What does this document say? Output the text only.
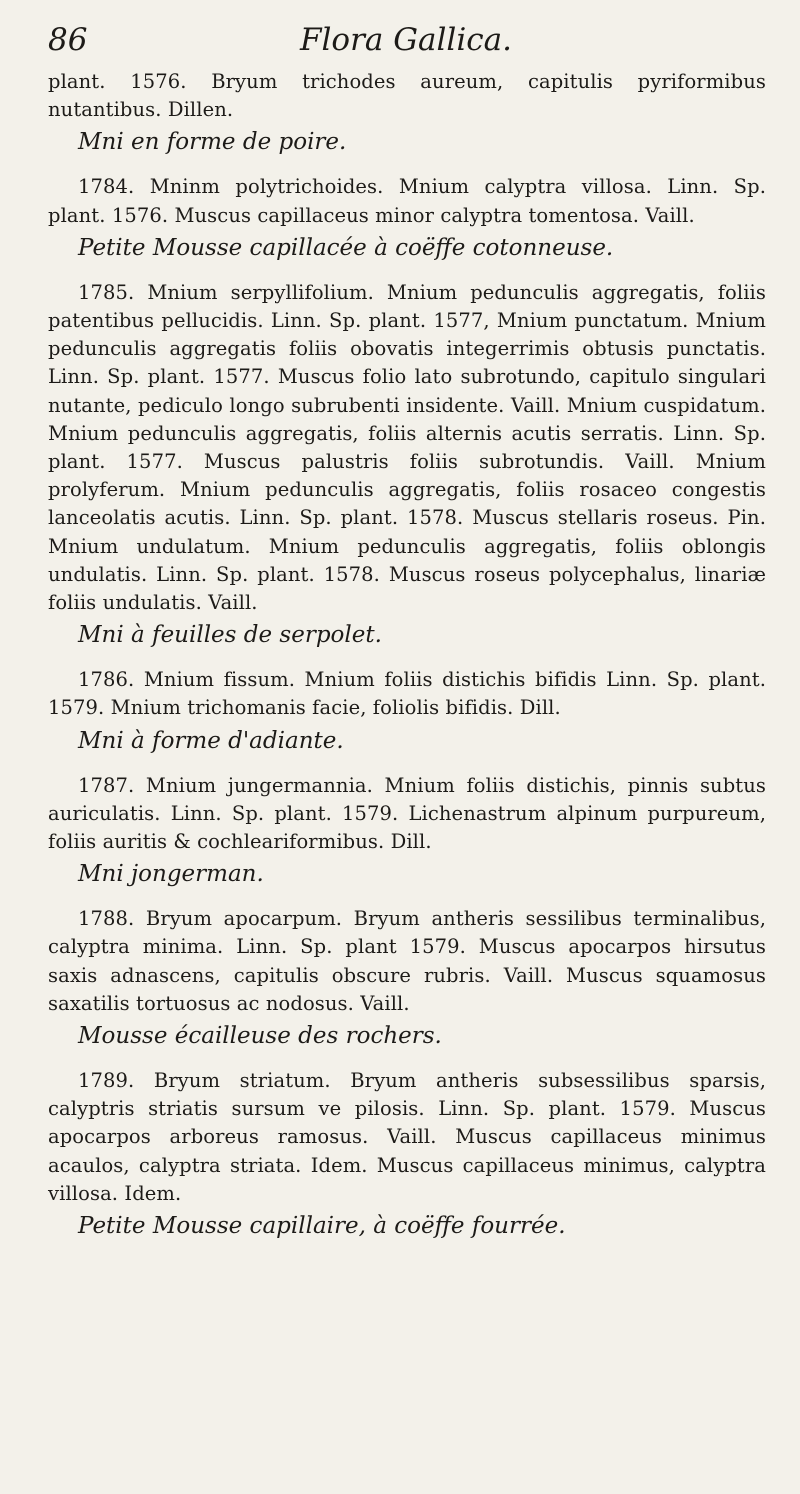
86	Flora Gallica.

plant. 1576. Bryum trichodes aureum, capitulis pyriformibus nutantibus. Dillen.

Mni en forme de poire.

1784. Mninm polytrichoides. Mnium calyptra villosa. Linn. Sp. plant. 1576. Muscus capillaceus minor calyptra tomentosa. Vaill.

Petite Mousse capillacée à coëffe cotonneuse.

1785. Mnium serpyllifolium. Mnium pedunculis aggregatis, foliis patentibus pellucidis. Linn. Sp. plant. 1577, Mnium punctatum. Mnium pedunculis aggregatis foliis obovatis integerrimis obtusis punctatis. Linn. Sp. plant. 1577. Muscus folio lato subrotundo, capitulo singulari nutante, pediculo longo subrubenti insidente. Vaill. Mnium cuspidatum. Mnium pedunculis aggregatis, foliis alternis acutis serratis. Linn. Sp. plant. 1577. Muscus palustris foliis subrotundis. Vaill. Mnium prolyferum. Mnium pedunculis aggregatis, foliis rosaceo congestis lanceolatis acutis. Linn. Sp. plant. 1578. Muscus stellaris roseus. Pin. Mnium undulatum. Mnium pedunculis aggregatis, foliis oblongis undulatis. Linn. Sp. plant. 1578. Muscus roseus polycephalus, linariæ foliis undulatis. Vaill.

Mni à feuilles de serpolet.

1786. Mnium fissum. Mnium foliis distichis bifidis Linn. Sp. plant. 1579. Mnium trichomanis facie, foliolis bifidis. Dill.

Mni à forme d'adiante.

1787. Mnium jungermannia. Mnium foliis distichis, pinnis subtus auriculatis. Linn. Sp. plant. 1579. Lichenastrum alpinum purpureum, foliis auritis & cochleariformibus. Dill.

Mni jongerman.

1788. Bryum apocarpum. Bryum antheris sessilibus terminalibus, calyptra minima. Linn. Sp. plant 1579. Muscus apocarpos hirsutus saxis adnascens, capitulis obscure rubris. Vaill. Muscus squamosus saxatilis tortuosus ac nodosus. Vaill.

Mousse écailleuse des rochers.

1789. Bryum striatum. Bryum antheris subsessilibus sparsis, calyptris striatis sursum ve pilosis. Linn. Sp. plant. 1579. Muscus apocarpos arboreus ramosus. Vaill. Muscus capillaceus minimus acaulos, calyptra striata. Idem. Muscus capillaceus minimus, calyptra villosa. Idem.

Petite Mousse capillaire, à coëffe fourrée.
